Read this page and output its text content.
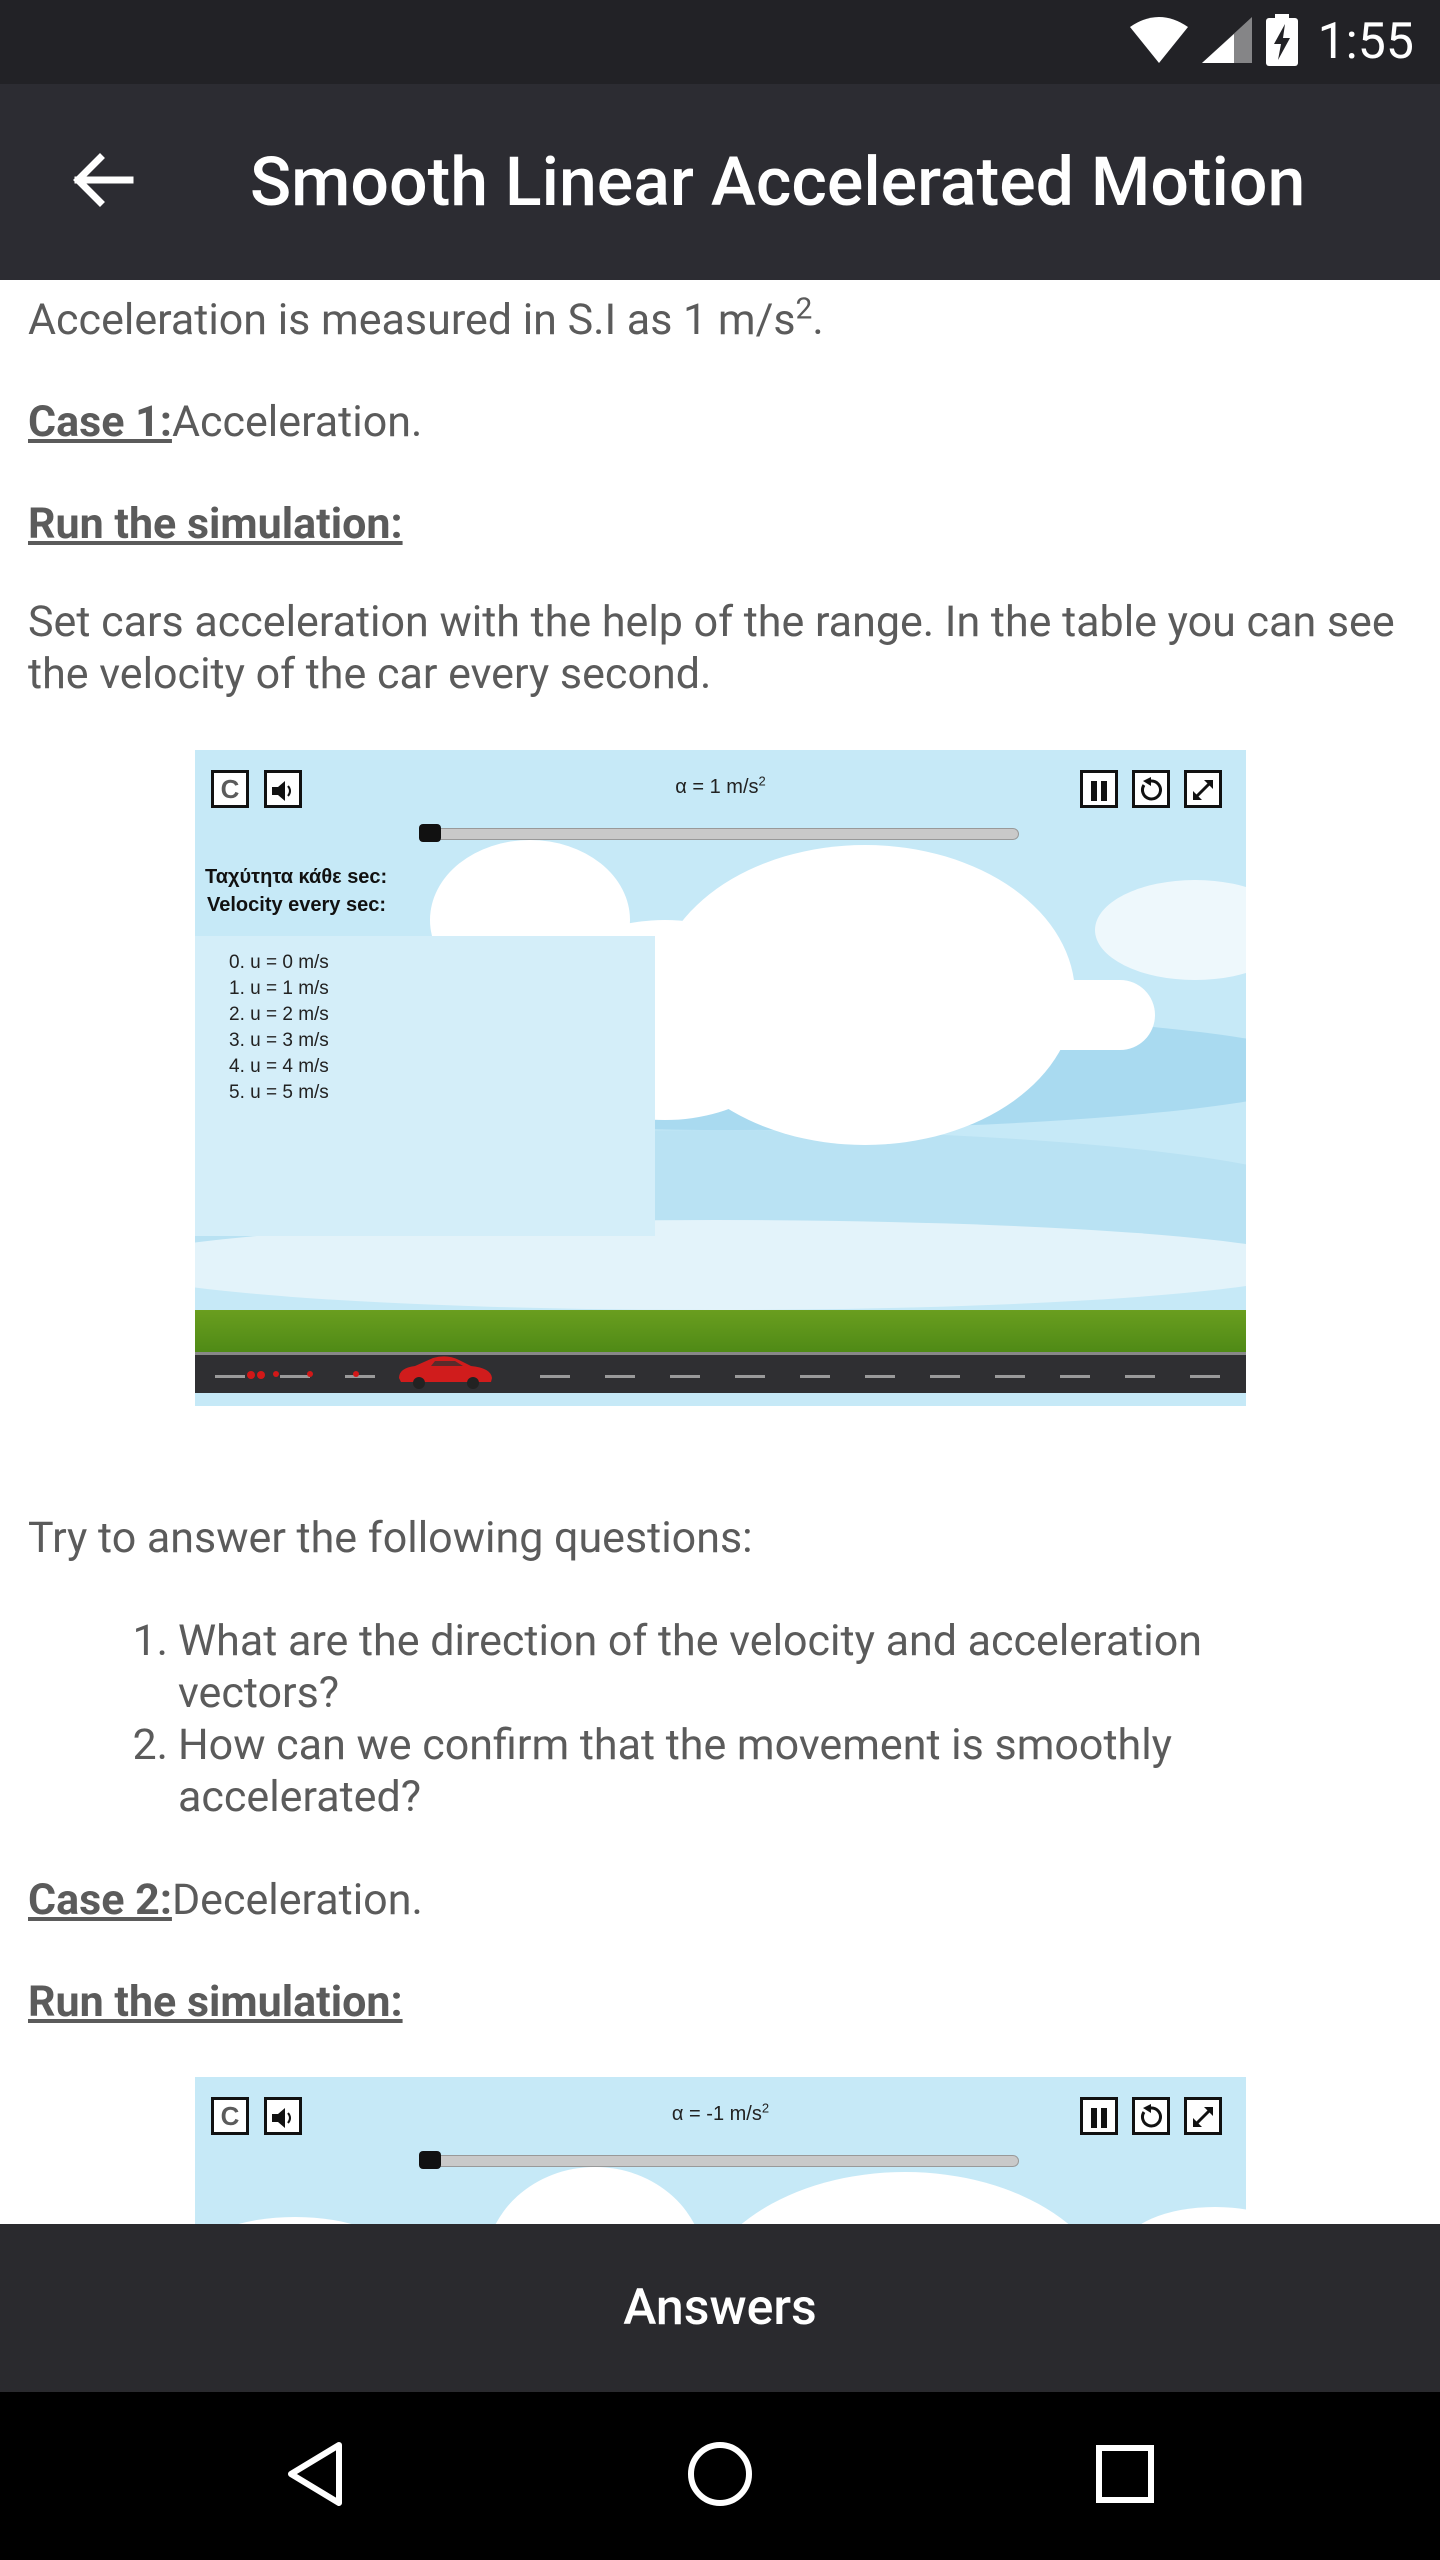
1:55
Smooth Linear Accelerated Motion

Acceleration is measured in S.I as 1 $m/s^2$.

Case 1:Acceleration.

Run the simulation:

Set cars acceleration with the help of the range. In the table you can see the velocity of the car every second.

C	α = 1 $m/s^2$
Ταχύτητα κάθε sec:
Velocity every sec:
0. u = 0 m/s
1. u = 1 m/s
2. u = 2 m/s
3. u = 3 m/s
4. u = 4 m/s
5. u = 5 m/s

Try to answer the following questions:

1. What are the direction of the velocity and acceleration vectors?
2. How can we confirm that the movement is smoothly accelerated?

Case 2:Deceleration.

Run the simulation:

C	α = -1 $m/s^2$
Answers
